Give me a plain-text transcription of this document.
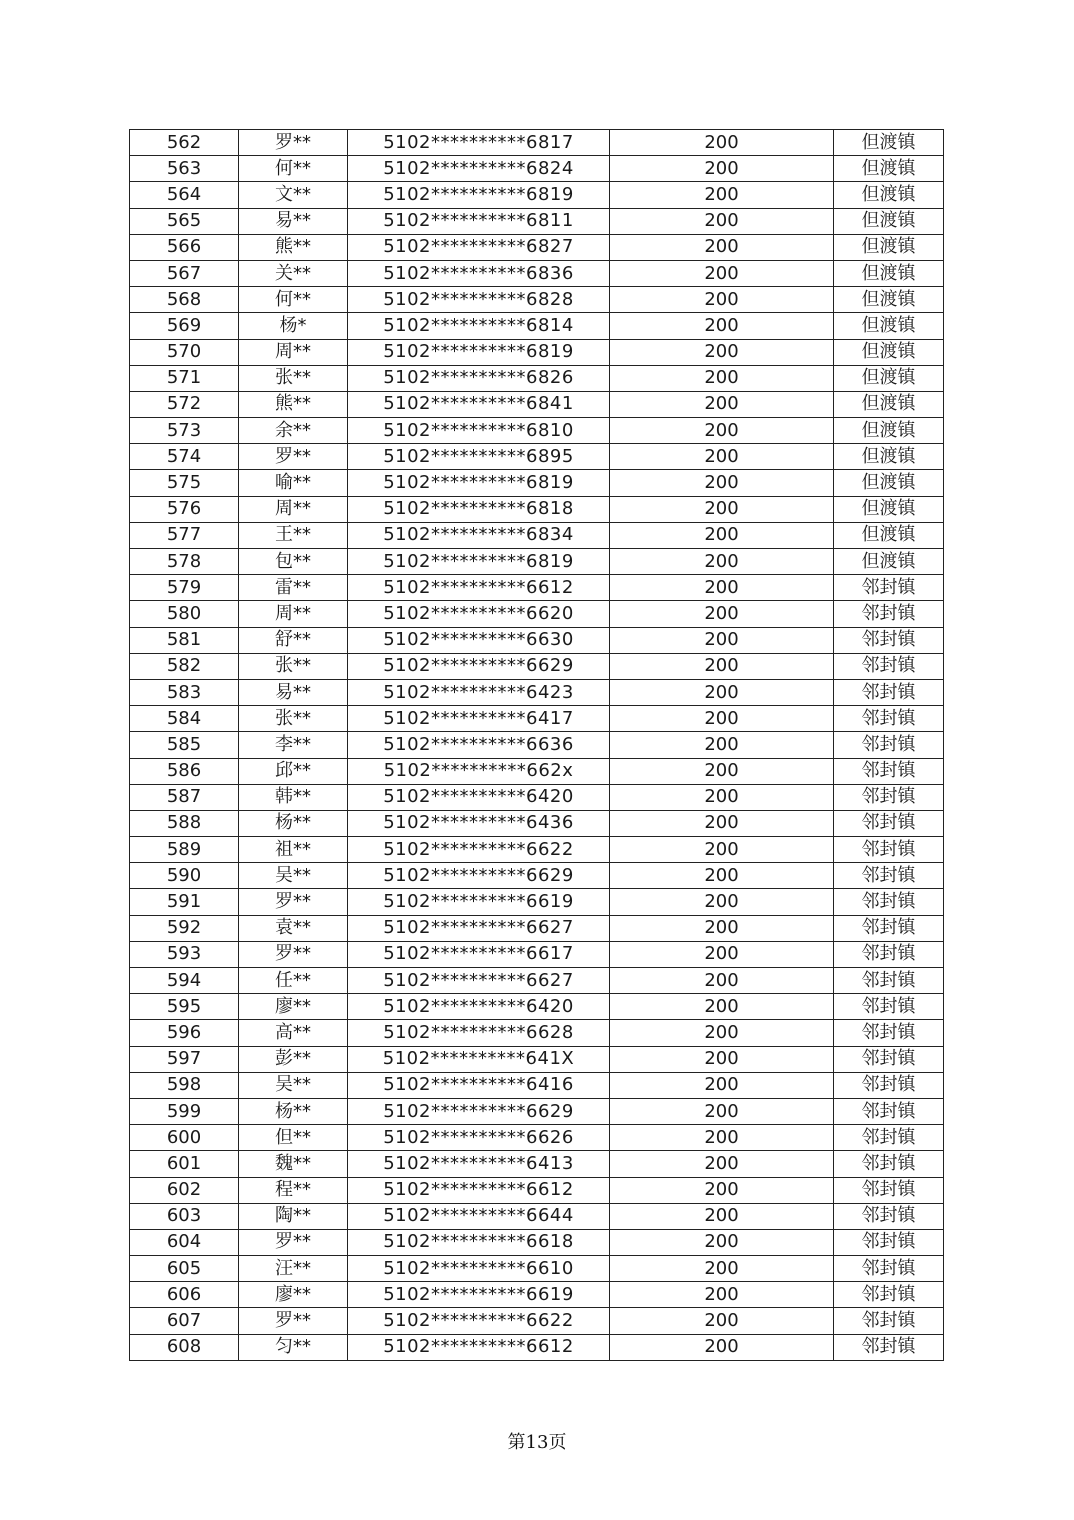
562	罗**	5102**********6817	200	但渡镇
563	何**	5102**********6824	200	但渡镇
564	文**	5102**********6819	200	但渡镇
565	易**	5102**********6811	200	但渡镇
566	熊**	5102**********6827	200	但渡镇
567	关**	5102**********6836	200	但渡镇
568	何**	5102**********6828	200	但渡镇
569	杨*	5102**********6814	200	但渡镇
570	周**	5102**********6819	200	但渡镇
571	张**	5102**********6826	200	但渡镇
572	熊**	5102**********6841	200	但渡镇
573	余**	5102**********6810	200	但渡镇
574	罗**	5102**********6895	200	但渡镇
575	喻**	5102**********6819	200	但渡镇
576	周**	5102**********6818	200	但渡镇
577	王**	5102**********6834	200	但渡镇
578	包**	5102**********6819	200	但渡镇
579	雷**	5102**********6612	200	邻封镇
580	周**	5102**********6620	200	邻封镇
581	舒**	5102**********6630	200	邻封镇
582	张**	5102**********6629	200	邻封镇
583	易**	5102**********6423	200	邻封镇
584	张**	5102**********6417	200	邻封镇
585	李**	5102**********6636	200	邻封镇
586	邱**	5102**********662x	200	邻封镇
587	韩**	5102**********6420	200	邻封镇
588	杨**	5102**********6436	200	邻封镇
589	祖**	5102**********6622	200	邻封镇
590	吴**	5102**********6629	200	邻封镇
591	罗**	5102**********6619	200	邻封镇
592	袁**	5102**********6627	200	邻封镇
593	罗**	5102**********6617	200	邻封镇
594	任**	5102**********6627	200	邻封镇
595	廖**	5102**********6420	200	邻封镇
596	高**	5102**********6628	200	邻封镇
597	彭**	5102**********641X	200	邻封镇
598	吴**	5102**********6416	200	邻封镇
599	杨**	5102**********6629	200	邻封镇
600	但**	5102**********6626	200	邻封镇
601	魏**	5102**********6413	200	邻封镇
602	程**	5102**********6612	200	邻封镇
603	陶**	5102**********6644	200	邻封镇
604	罗**	5102**********6618	200	邻封镇
605	汪**	5102**********6610	200	邻封镇
606	廖**	5102**********6619	200	邻封镇
607	罗**	5102**********6622	200	邻封镇
608	匀**	5102**********6612	200	邻封镇
第13页
